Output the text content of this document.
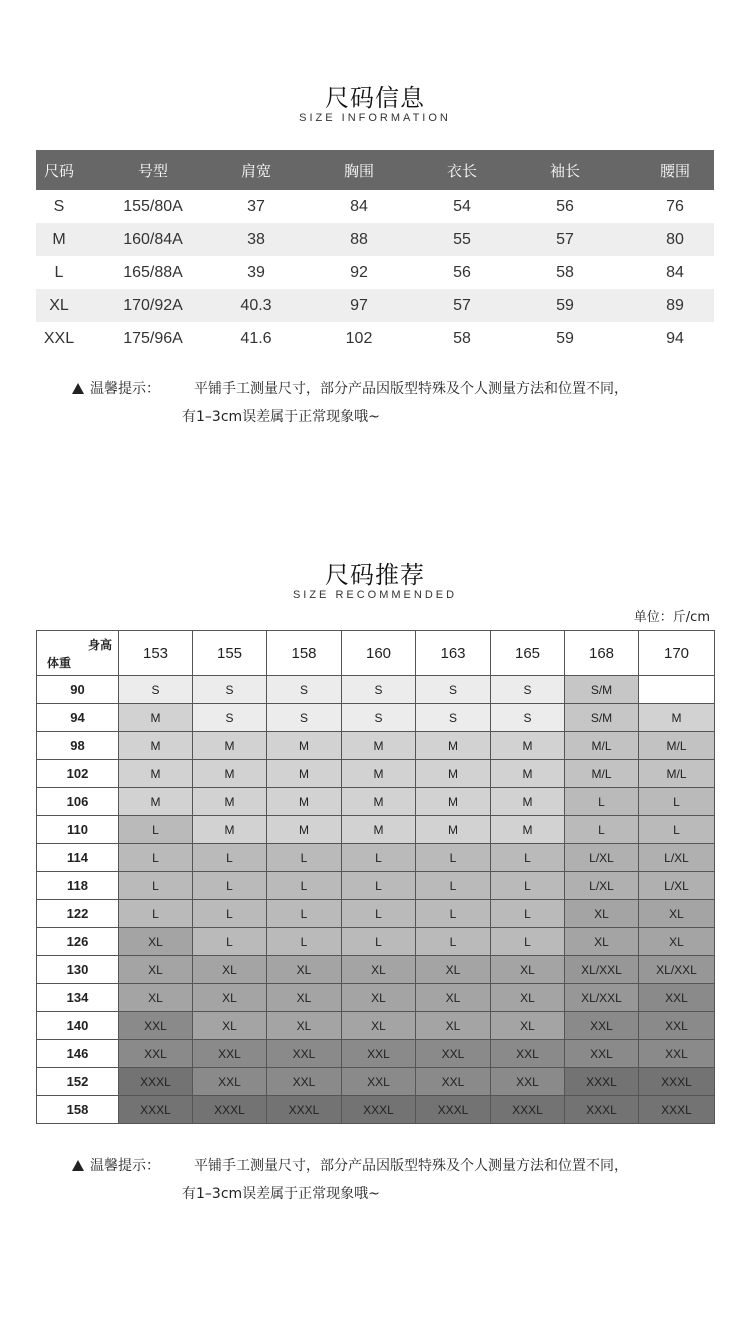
尺码信息
SIZE INFORMATION
尺码	号型	肩宽	胸围	衣长	袖长	腰围
S	155/80A	37	84	54	56	76
M	160/84A	38	88	55	57	80
L	165/88A	39	92	56	58	84
XL	170/92A	40.3	97	57	59	89
XXL	175/96A	41.6	102	58	59	94
温馨提示： 平铺手工测量尺寸，部分产品因版型特殊及个人测量方法和位置不同，
有1–3cm误差属于正常现象哦~
尺码推荐
SIZE RECOMMENDED
单位：斤/cm
身高
体重	153	155	158	160	163	165	168	170
90	S	S	S	S	S	S	S/M	
94	M	S	S	S	S	S	S/M	M
98	M	M	M	M	M	M	M/L	M/L
102	M	M	M	M	M	M	M/L	M/L
106	M	M	M	M	M	M	L	L
110	L	M	M	M	M	M	L	L
114	L	L	L	L	L	L	L/XL	L/XL
118	L	L	L	L	L	L	L/XL	L/XL
122	L	L	L	L	L	L	XL	XL
126	XL	L	L	L	L	L	XL	XL
130	XL	XL	XL	XL	XL	XL	XL/XXL	XL/XXL
134	XL	XL	XL	XL	XL	XL	XL/XXL	XXL
140	XXL	XL	XL	XL	XL	XL	XXL	XXL
146	XXL	XXL	XXL	XXL	XXL	XXL	XXL	XXL
152	XXXL	XXL	XXL	XXL	XXL	XXL	XXXL	XXXL
158	XXXL	XXXL	XXXL	XXXL	XXXL	XXXL	XXXL	XXXL
温馨提示： 平铺手工测量尺寸，部分产品因版型特殊及个人测量方法和位置不同，
有1–3cm误差属于正常现象哦~
